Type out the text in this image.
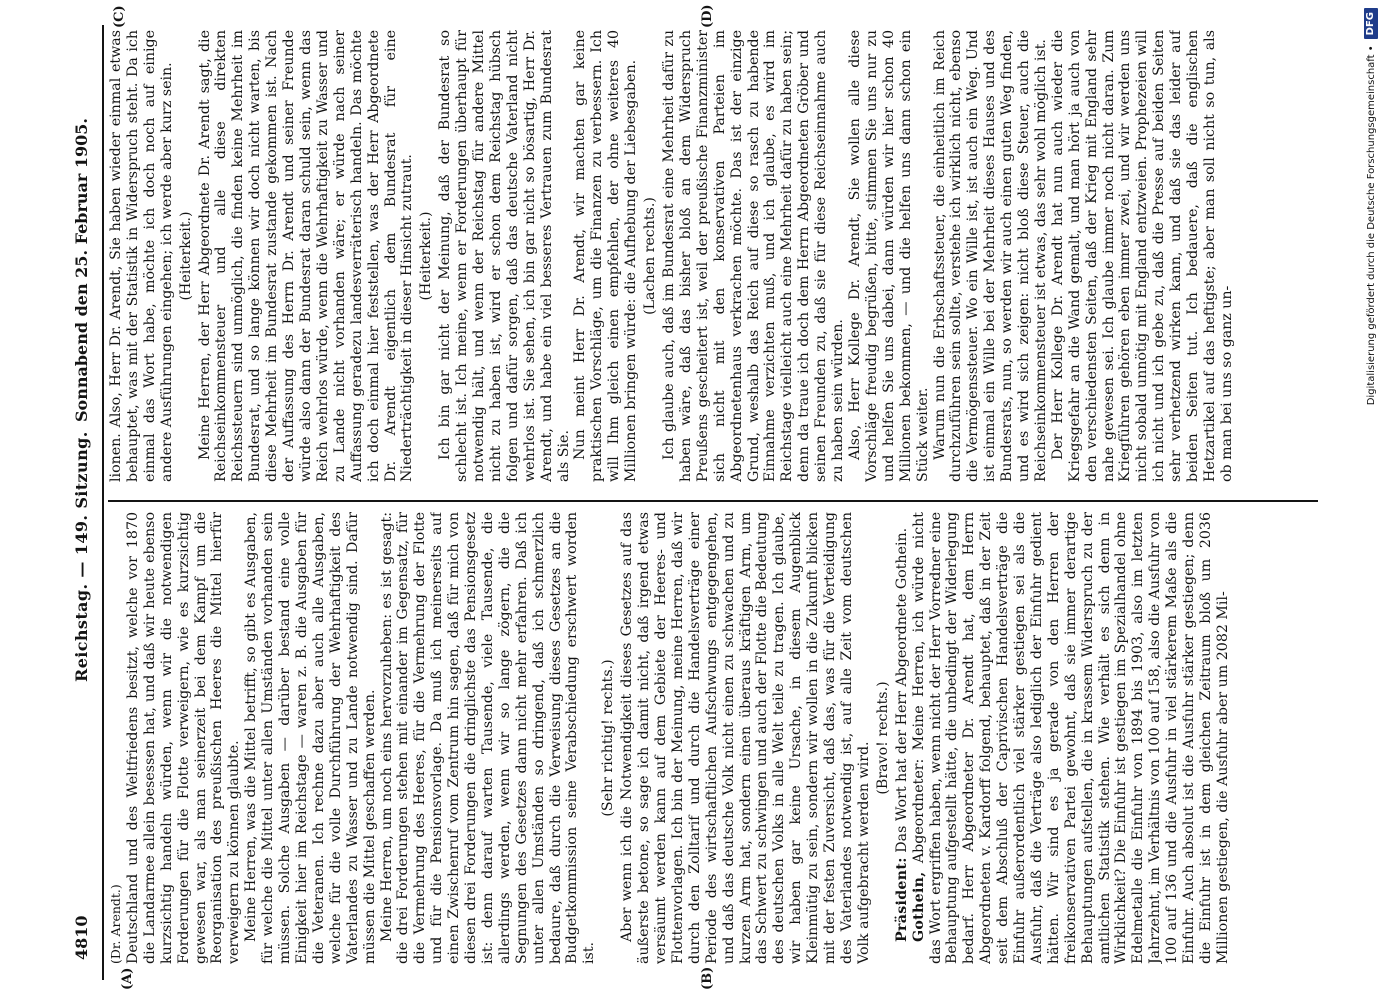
4810
Reichstag. — 149. Sitzung.
Sonnabend den 25. Februar 1905.
(A)	(B)
(C)	(D)

(Dr. Arendt.) Deutschland und des Weltfriedens besitzt, welche vor 1870 die Landarmee allein besessen hat, und daß wir heute ebenso kurzsichtig handeln würden, wenn wir die notwendigen Forderungen für die Flotte verweigern, wie es kurzsichtig gewesen war, als man seinerzeit bei dem Kampf um die Reorganisation des preußischen Heeres die Mittel hierfür verweigern zu können glaubte. Meine Herren, was die Mittel betrifft, so gibt es Ausgaben, für welche die Mittel unter allen Umständen vorhanden sein müssen. Solche Ausgaben — darüber bestand eine volle Einigkeit hier im Reichstage — waren z. B. die Ausgaben für die Veteranen. Ich rechne dazu aber auch alle Ausgaben, welche für die volle Durchführung der Wehrhaftigkeit des Vaterlandes zu Wasser und zu Lande notwendig sind. Dafür müssen die Mittel geschaffen werden. Meine Herren, um noch eins hervorzuheben: es ist gesagt: die drei Forderungen stehen mit einander im Gegensatz, für die Vermehrung des Heeres, für die Vermehrung der Flotte und für die Pensionsvorlage. Da muß ich meinerseits auf einen Zwischenruf vom Zentrum hin sagen, daß für mich von diesen drei Forderungen die dringlichste das Pensionsgesetz ist: denn darauf warten Tausende, viele Tausende, die allerdings werden, wenn wir so lange zögern, die die Segnungen des Gesetzes dann nicht mehr erfahren. Daß ich unter allen Umständen so dringend, daß ich schmerzlich bedaure, daß durch die Verweisung dieses Gesetzes an die Budgetkommission seine Verabschiedung erschwert worden ist.

(Sehr richtig! rechts.) Aber wenn ich die Notwendigkeit dieses Gesetzes auf das äußerste betone, so sage ich damit nicht, daß irgend etwas versäumt werden kann auf dem Gebiete der Heeres- und Flottenvorlagen. Ich bin der Meinung, meine Herren, daß wir durch den Zolltarif und durch die Handelsverträge einer Periode des wirtschaftlichen Aufschwungs entgegengehen, und daß das deutsche Volk nicht einen zu schwachen und zu kurzen Arm hat, sondern einen überaus kräftigen Arm, um das Schwert zu schwingen und auch der Flotte die Bedeutung des deutschen Volks in alle Welt teile zu tragen. Ich glaube, wir haben gar keine Ursache, in diesem Augenblick Kleinmütig zu sein, sondern wir wollen in die Zukunft blicken mit der festen Zuversicht, daß das, was für die Verteidigung des Vaterlandes notwendig ist, auf alle Zeit vom deutschen Volk aufgebracht werden wird.

(Bravo! rechts.)

Präsident: Das Wort hat der Herr Abgeordnete Gothein.

Gothein, Abgeordneter: Meine Herren, ich würde nicht das Wort ergriffen haben, wenn nicht der Herr Vorredner eine Behauptung aufgestellt hätte, die unbedingt der Widerlegung bedarf. Herr Abgeordneter Dr. Arendt hat, dem Herrn Abgeordneten v. Kardorff folgend, behauptet, daß in der Zeit seit dem Abschluß der Caprivischen Handelsverträge die Einfuhr außerordentlich viel stärker gestiegen sei als die Ausfuhr, daß die Verträge also lediglich der Einfuhr gedient hätten. Wir sind es ja gerade von den Herren der freikonservativen Partei gewohnt, daß sie immer derartige Behauptungen aufstellen, die in krassem Widerspruch zu der amtlichen Statistik stehen. Wie verhält es sich denn in Wirklichkeit? Die Einfuhr ist gestiegen im Spezialhandel ohne Edelmetalle die Einfuhr von 1894 bis 1903, also im letzten Jahrzehnt, im Verhältnis von 100 auf 158, also die Ausfuhr von 100 auf 136 und die Ausfuhr in viel stärkerem Maße als die Einfuhr. Auch absolut ist die Ausfuhr stärker gestiegen; denn die Einfuhr ist in dem gleichen Zeitraum bloß um 2036 Millionen gestiegen, die Ausfuhr aber um 2082 Mil-

lionen. Also, Herr Dr. Arendt, Sie haben wieder einmal etwas behauptet, was mit der Statistik in Widerspruch steht. Da ich einmal das Wort habe, möchte ich doch noch auf einige andere Ausführungen eingehen; ich werde aber kurz sein. (Heiterkeit.) Meine Herren, der Herr Abgeordnete Dr. Arendt sagt, die Reichseinkommensteuer und alle diese direkten Reichssteuern sind unmöglich, die finden keine Mehrheit im Bundesrat, und so lange können wir doch nicht warten, bis diese Mehrheit im Bundesrat zustande gekommen ist. Nach der Auffassung des Herrn Dr. Arendt und seiner Freunde würde also dann der Bundesrat daran schuld sein, wenn das Reich wehrlos würde, wenn die Wehrhaftigkeit zu Wasser und zu Lande nicht vorhanden wäre; er würde nach seiner Auffassung geradezu landesverräterisch handeln. Das möchte ich doch einmal hier feststellen, was der Herr Abgeordnete Dr. Arendt eigentlich dem Bundesrat für eine Niederträchtigkeit in dieser Hinsicht zutraut. (Heiterkeit.) Ich bin gar nicht der Meinung, daß der Bundesrat so schlecht ist. Ich meine, wenn er Forderungen überhaupt für notwendig hält, und wenn der Reichstag für andere Mittel nicht zu haben ist, wird er schon dem Reichstag hübsch folgen und dafür sorgen, daß das deutsche Vaterland nicht wehrlos ist. Sie sehen, ich bin gar nicht so bösartig, Herr Dr. Arendt, und habe ein viel besseres Vertrauen zum Bundesrat als Sie. Nun meint Herr Dr. Arendt, wir machten gar keine praktischen Vorschläge, um die Finanzen zu verbessern. Ich will Ihm gleich einen empfehlen, der ohne weiteres 40 Millionen bringen würde: die Aufhebung der Liebesgaben. (Lachen rechts.) Ich glaube auch, daß im Bundesrat eine Mehrheit dafür zu haben wäre, daß das bisher bloß an dem Widerspruch Preußens gescheitert ist, weil der preußische Finanzminister sich nicht mit den konservativen Parteien im Abgeordnetenhaus verkrachen möchte. Das ist der einzige Grund, weshalb das Reich auf diese so rasch zu habende Einnahme verzichten muß, und ich glaube, es wird im Reichstage vielleicht auch eine Mehrheit dafür zu haben sein; denn da traue ich doch dem Herrn Abgeordneten Gröber und seinen Freunden zu, daß sie für diese Reichseinnahme auch zu haben sein würden. Also, Herr Kollege Dr. Arendt, Sie wollen alle diese Vorschläge freudig begrüßen, bitte, stimmen Sie uns nur zu und helfen Sie uns dabei, dann würden wir hier schon 40 Millionen bekommen, — und die helfen uns dann schon ein Stück weiter. Warum nun die Erbschaftssteuer, die einheitlich im Reich durchzuführen sein sollte, verstehe ich wirklich nicht, ebenso die Vermögenssteuer. Wo ein Wille ist, ist auch ein Weg. Und ist einmal ein Wille bei der Mehrheit dieses Hauses und des Bundesrats, nun, so werden wir auch einen guten Weg finden, und es wird sich zeigen: nicht bloß diese Steuer, auch die Reichseinkommensteuer ist etwas, das sehr wohl möglich ist. Der Herr Kollege Dr. Arendt hat nun auch wieder die Kriegsgefahr an die Wand gemalt, und man hört ja auch von den verschiedensten Seiten, daß der Krieg mit England sehr nahe gewesen sei. Ich glaube immer noch nicht daran. Zum Kriegführen gehören eben immer zwei, und wir werden uns nicht sobald unnötig mit England entzweien. Prophezeien will ich nicht und ich gebe zu, daß die Presse auf beiden Seiten sehr verhetzend wirken kann, und daß sie das leider auf beiden Seiten tut. Ich bedauere, daß die englischen Hetzartikel auf das heftigste; aber man soll nicht so tun, als ob man bei uns so ganz un-	Digitalisierung gefördert durch die Deutsche Forschungsgemeinschaft •
DFG
